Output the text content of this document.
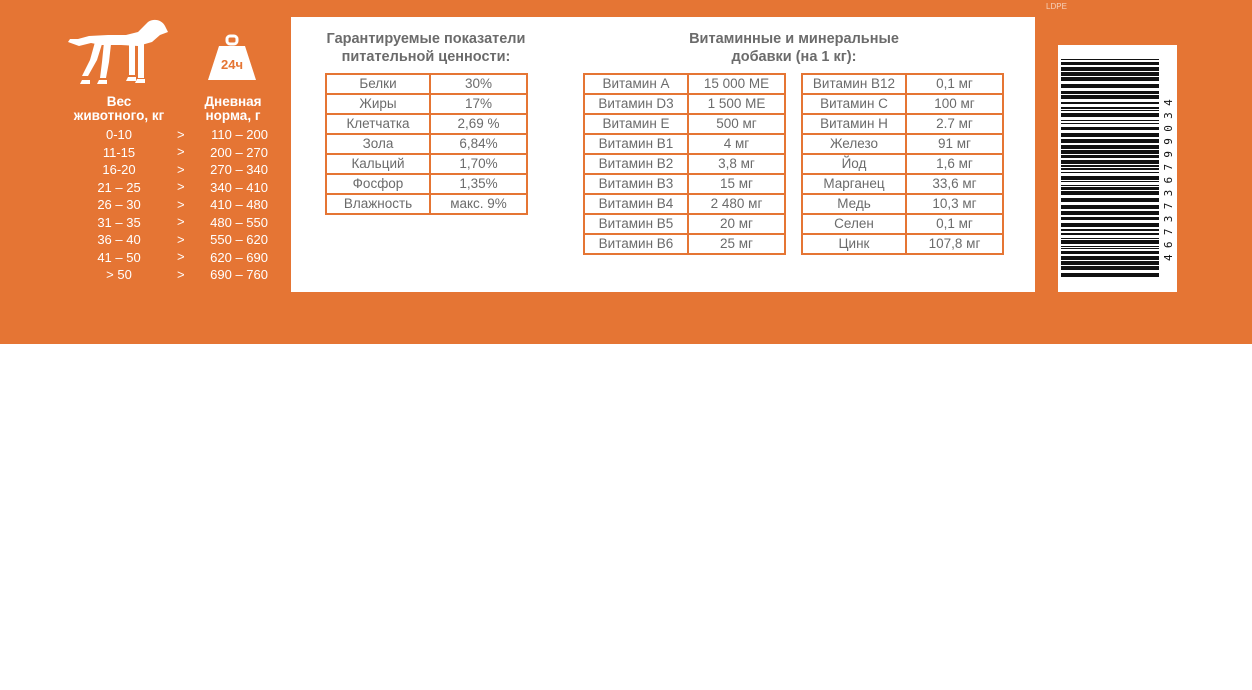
LDPE
24ч
Вес
животного, кг
Дневная
норма, г
0-10	>	110 – 200
11-15	>	200 – 270
16-20	>	270 – 340
21 – 25	>	340 – 410
26 – 30	>	410 – 480
31 – 35	>	480 – 550
36 – 40	>	550 – 620
41 – 50	>	620 – 690
> 50	>	690 – 760
Гарантируемые показатели
питательной ценности:
Белки	30%
Жиры	17%
Клетчатка	2,69 %
Зола	6,84%
Кальций	1,70%
Фосфор	1,35%
Влажность	макс. 9%
Витаминные и минеральные
добавки (на 1 кг):
Витамин А	15 000 МЕ
Витамин D3	1 500 МЕ
Витамин Е	500 мг
Витамин В1	4 мг
Витамин В2	3,8 мг
Витамин В3	15 мг
Витамин В4	2 480 мг
Витамин В5	20 мг
Витамин В6	25 мг
Витамин В12	0,1 мг
Витамин С	100 мг
Витамин Н	2.7 мг
Железо	91 мг
Йод	1,6 мг
Марганец	33,6 мг
Медь	10,3 мг
Селен	0,1 мг
Цинк	107,8 мг	4673736799034
